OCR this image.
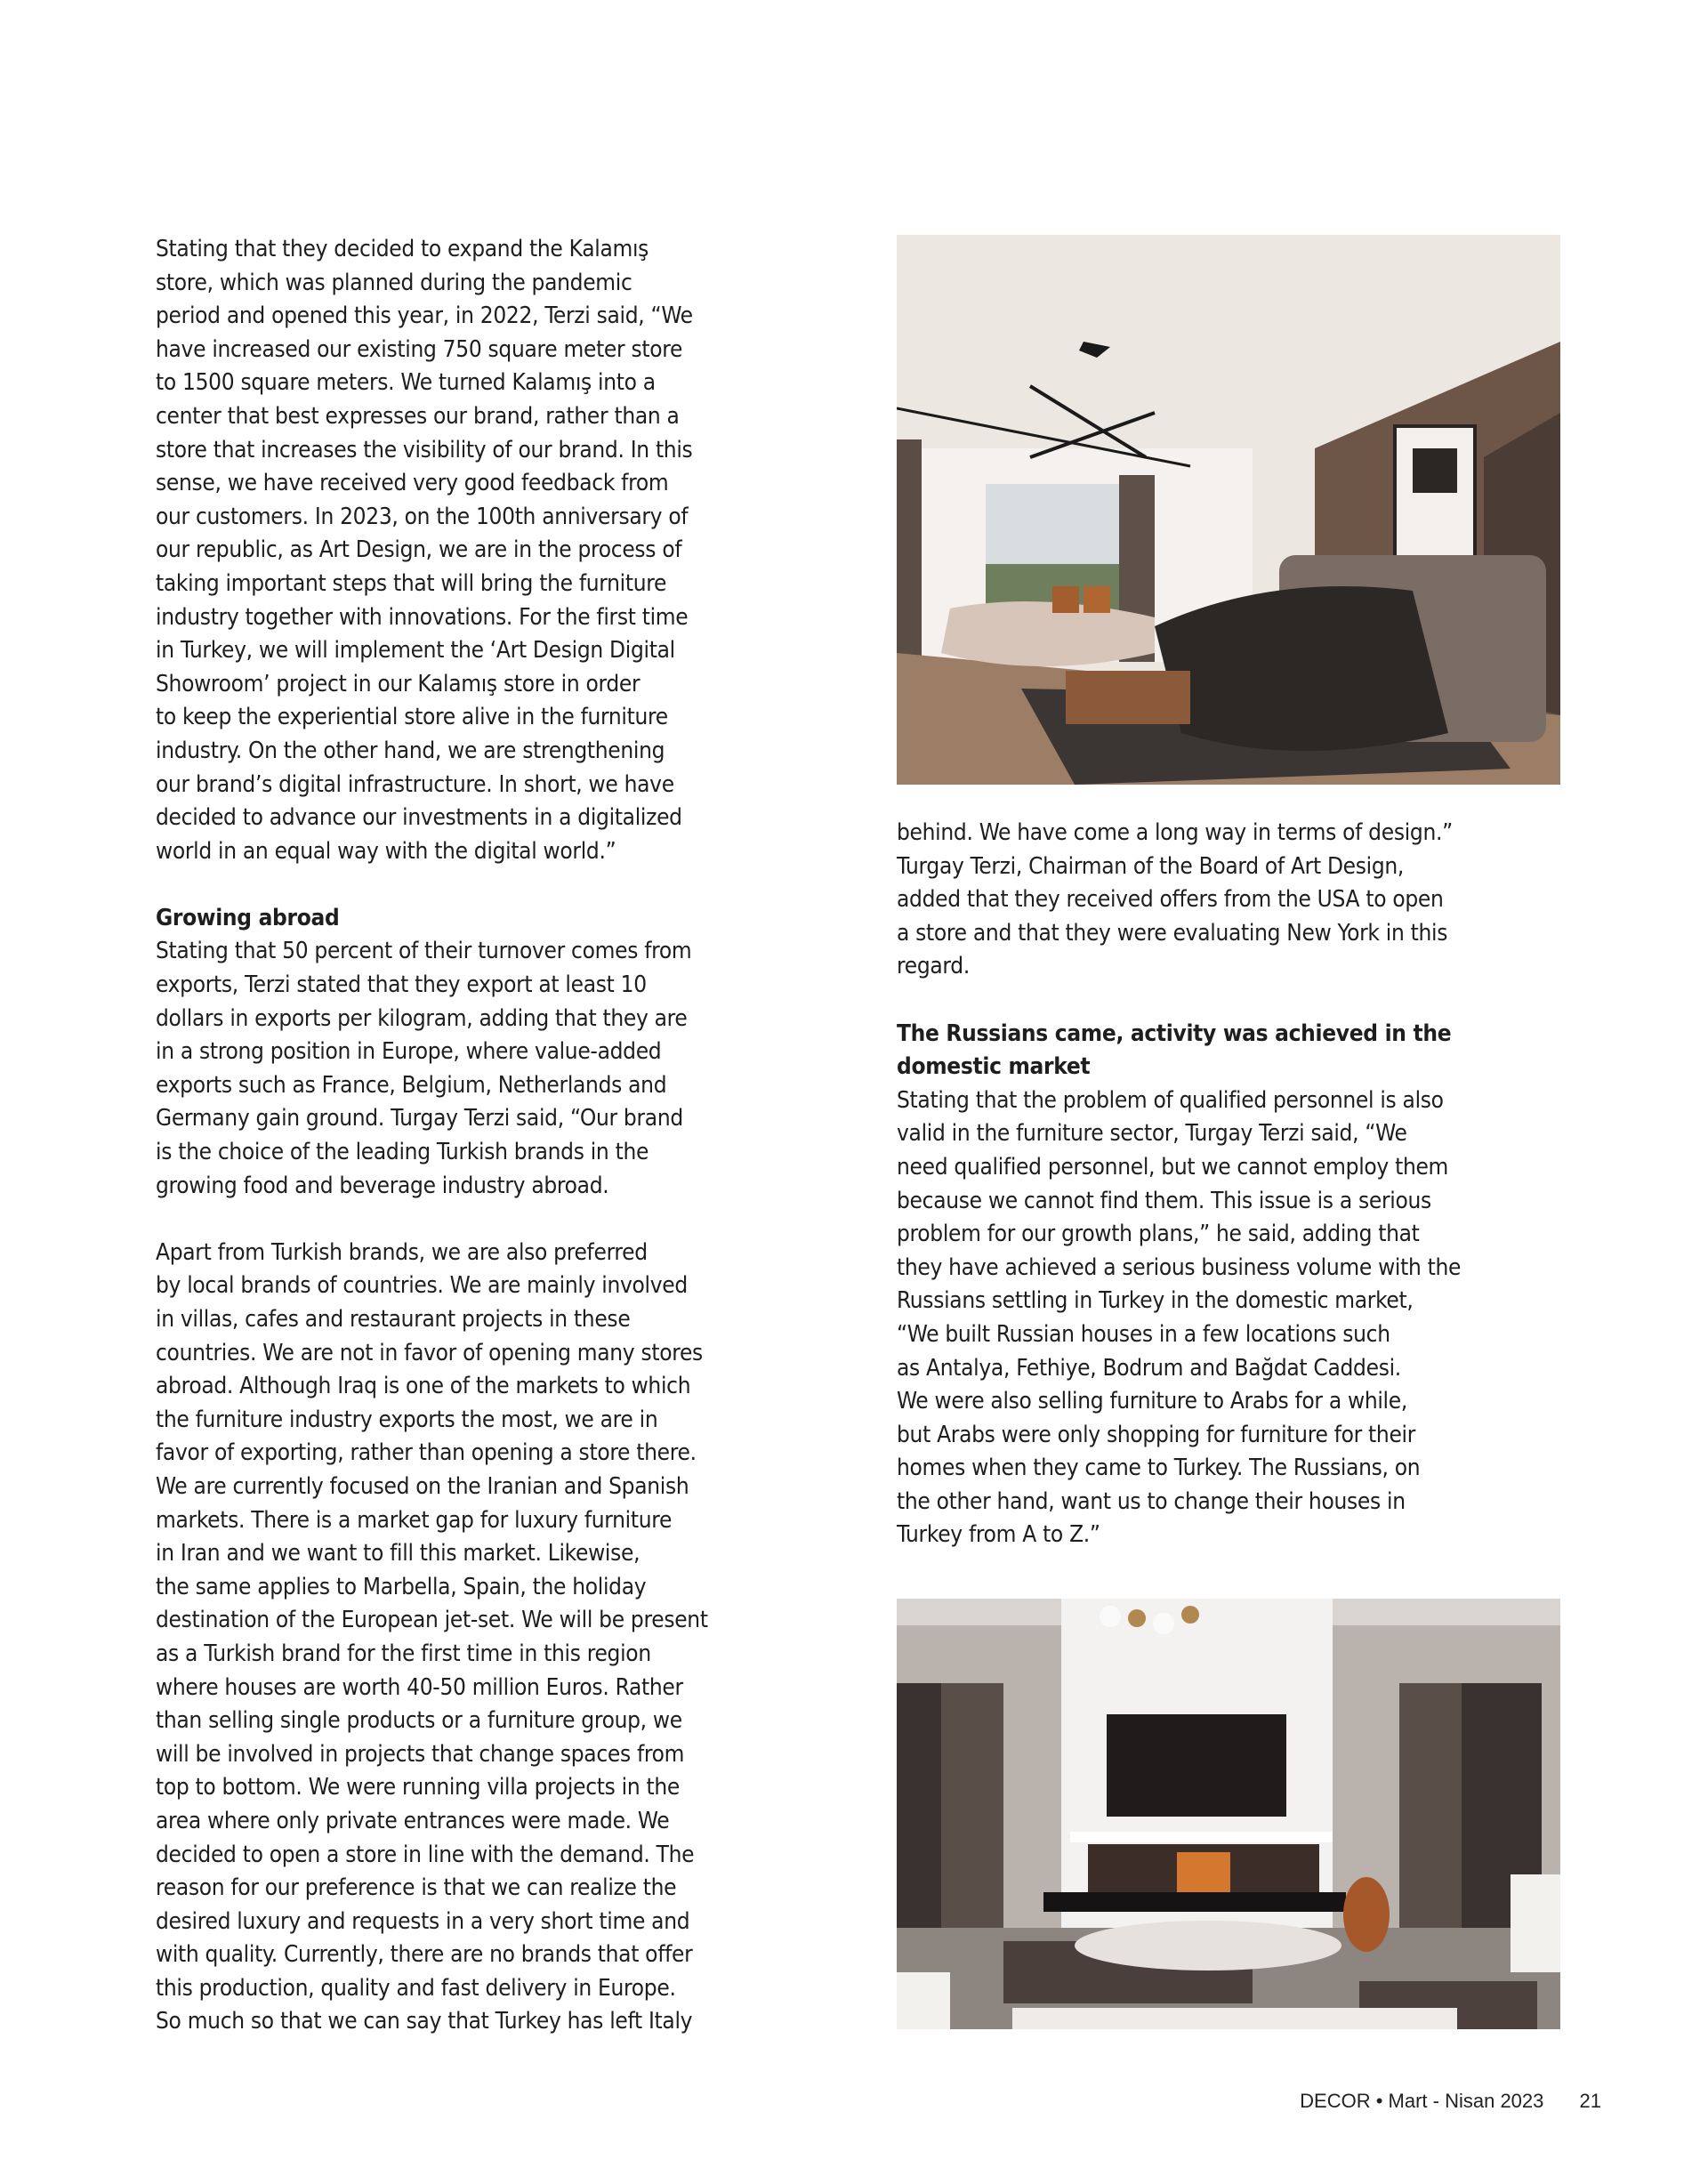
Stating that they decided to expand the Kalamış
store, which was planned during the pandemic
period and opened this year, in 2022, Terzi said, “We
have increased our existing 750 square meter store
to 1500 square meters. We turned Kalamış into a
center that best expresses our brand, rather than a
store that increases the visibility of our brand. In this
sense, we have received very good feedback from
our customers. In 2023, on the 100th anniversary of
our republic, as Art Design, we are in the process of
taking important steps that will bring the furniture
industry together with innovations. For the first time
in Turkey, we will implement the ‘Art Design Digital
Showroom’ project in our Kalamış store in order
to keep the experiential store alive in the furniture
industry. On the other hand, we are strengthening
our brand’s digital infrastructure. In short, we have
decided to advance our investments in a digitalized
world in an equal way with the digital world.”

Growing abroad

Stating that 50 percent of their turnover comes from
exports, Terzi stated that they export at least 10
dollars in exports per kilogram, adding that they are
in a strong position in Europe, where value-added
exports such as France, Belgium, Netherlands and
Germany gain ground. Turgay Terzi said, “Our brand
is the choice of the leading Turkish brands in the
growing food and beverage industry abroad.

Apart from Turkish brands, we are also preferred
by local brands of countries. We are mainly involved
in villas, cafes and restaurant projects in these
countries. We are not in favor of opening many stores
abroad. Although Iraq is one of the markets to which
the furniture industry exports the most, we are in
favor of exporting, rather than opening a store there.
We are currently focused on the Iranian and Spanish
markets. There is a market gap for luxury furniture
in Iran and we want to fill this market. Likewise,
the same applies to Marbella, Spain, the holiday
destination of the European jet-set. We will be present
as a Turkish brand for the first time in this region
where houses are worth 40-50 million Euros. Rather
than selling single products or a furniture group, we
will be involved in projects that change spaces from
top to bottom. We were running villa projects in the
area where only private entrances were made. We
decided to open a store in line with the demand. The
reason for our preference is that we can realize the
desired luxury and requests in a very short time and
with quality. Currently, there are no brands that offer
this production, quality and fast delivery in Europe.
So much so that we can say that Turkey has left Italy

behind. We have come a long way in terms of design.”
Turgay Terzi, Chairman of the Board of Art Design,
added that they received offers from the USA to open
a store and that they were evaluating New York in this
regard.

The Russians came, activity was achieved in the
domestic market

Stating that the problem of qualified personnel is also
valid in the furniture sector, Turgay Terzi said, “We
need qualified personnel, but we cannot employ them
because we cannot find them. This issue is a serious
problem for our growth plans,” he said, adding that
they have achieved a serious business volume with the
Russians settling in Turkey in the domestic market,
“We built Russian houses in a few locations such
as Antalya, Fethiye, Bodrum and Bağdat Caddesi.
We were also selling furniture to Arabs for a while,
but Arabs were only shopping for furniture for their
homes when they came to Turkey. The Russians, on
the other hand, want us to change their houses in
Turkey from A to Z.”

DECOR • Mart - Nisan 2023 21
